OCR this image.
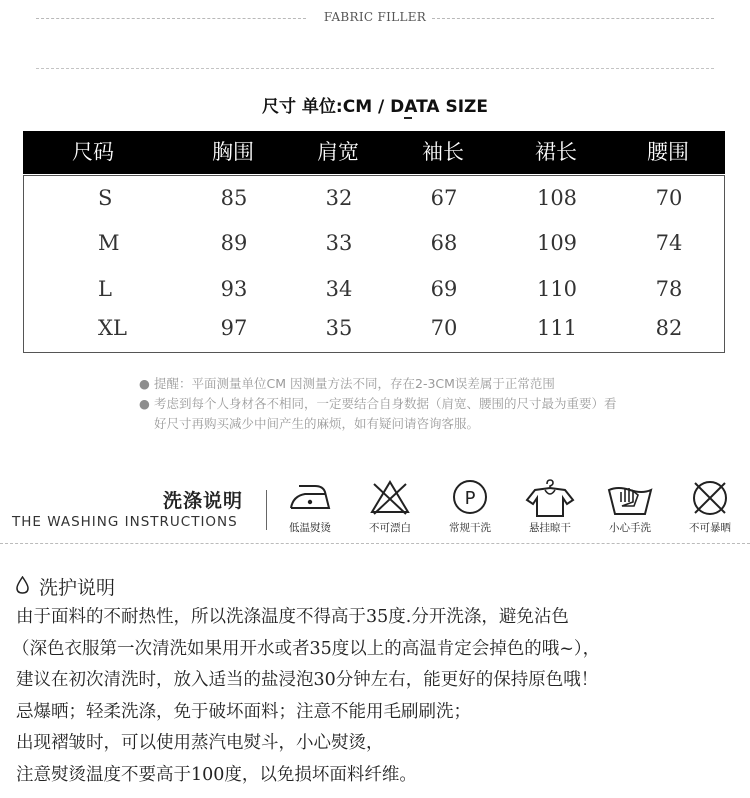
FABRIC FILLER
尺寸 单位:CM / DATA SIZE
尺码	胸围	肩宽	袖长	裙长	腰围
S	85	32	67	108	70
M	89	33	68	109	74
L	93	34	69	110	78
XL	97	35	70	111	82
● 提醒：平面测量单位CM 因测量方法不同，存在2-3CM误差属于正常范围
● 考虑到每个人身材各不相同，一定要结合自身数据（肩宽、腰围的尺寸最为重要）看好尺寸再购买减少中间产生的麻烦，如有疑问请咨询客服。
洗涤说明
THE WASHING INSTRUCTIONS	低温熨烫	不可漂白
P
常规干洗	悬挂晾干	小心手洗	不可暴晒
洗护说明
由于面料的不耐热性，所以洗涤温度不得高于35度.分开洗涤，避免沾色
（深色衣服第一次清洗如果用开水或者35度以上的高温肯定会掉色的哦~），
建议在初次清洗时，放入适当的盐浸泡30分钟左右，能更好的保持原色哦！
忌爆晒；轻柔洗涤，免于破坏面料；注意不能用毛刷刷洗；
出现褶皱时，可以使用蒸汽电熨斗，小心熨烫，
注意熨烫温度不要高于100度，以免损坏面料纤维。
